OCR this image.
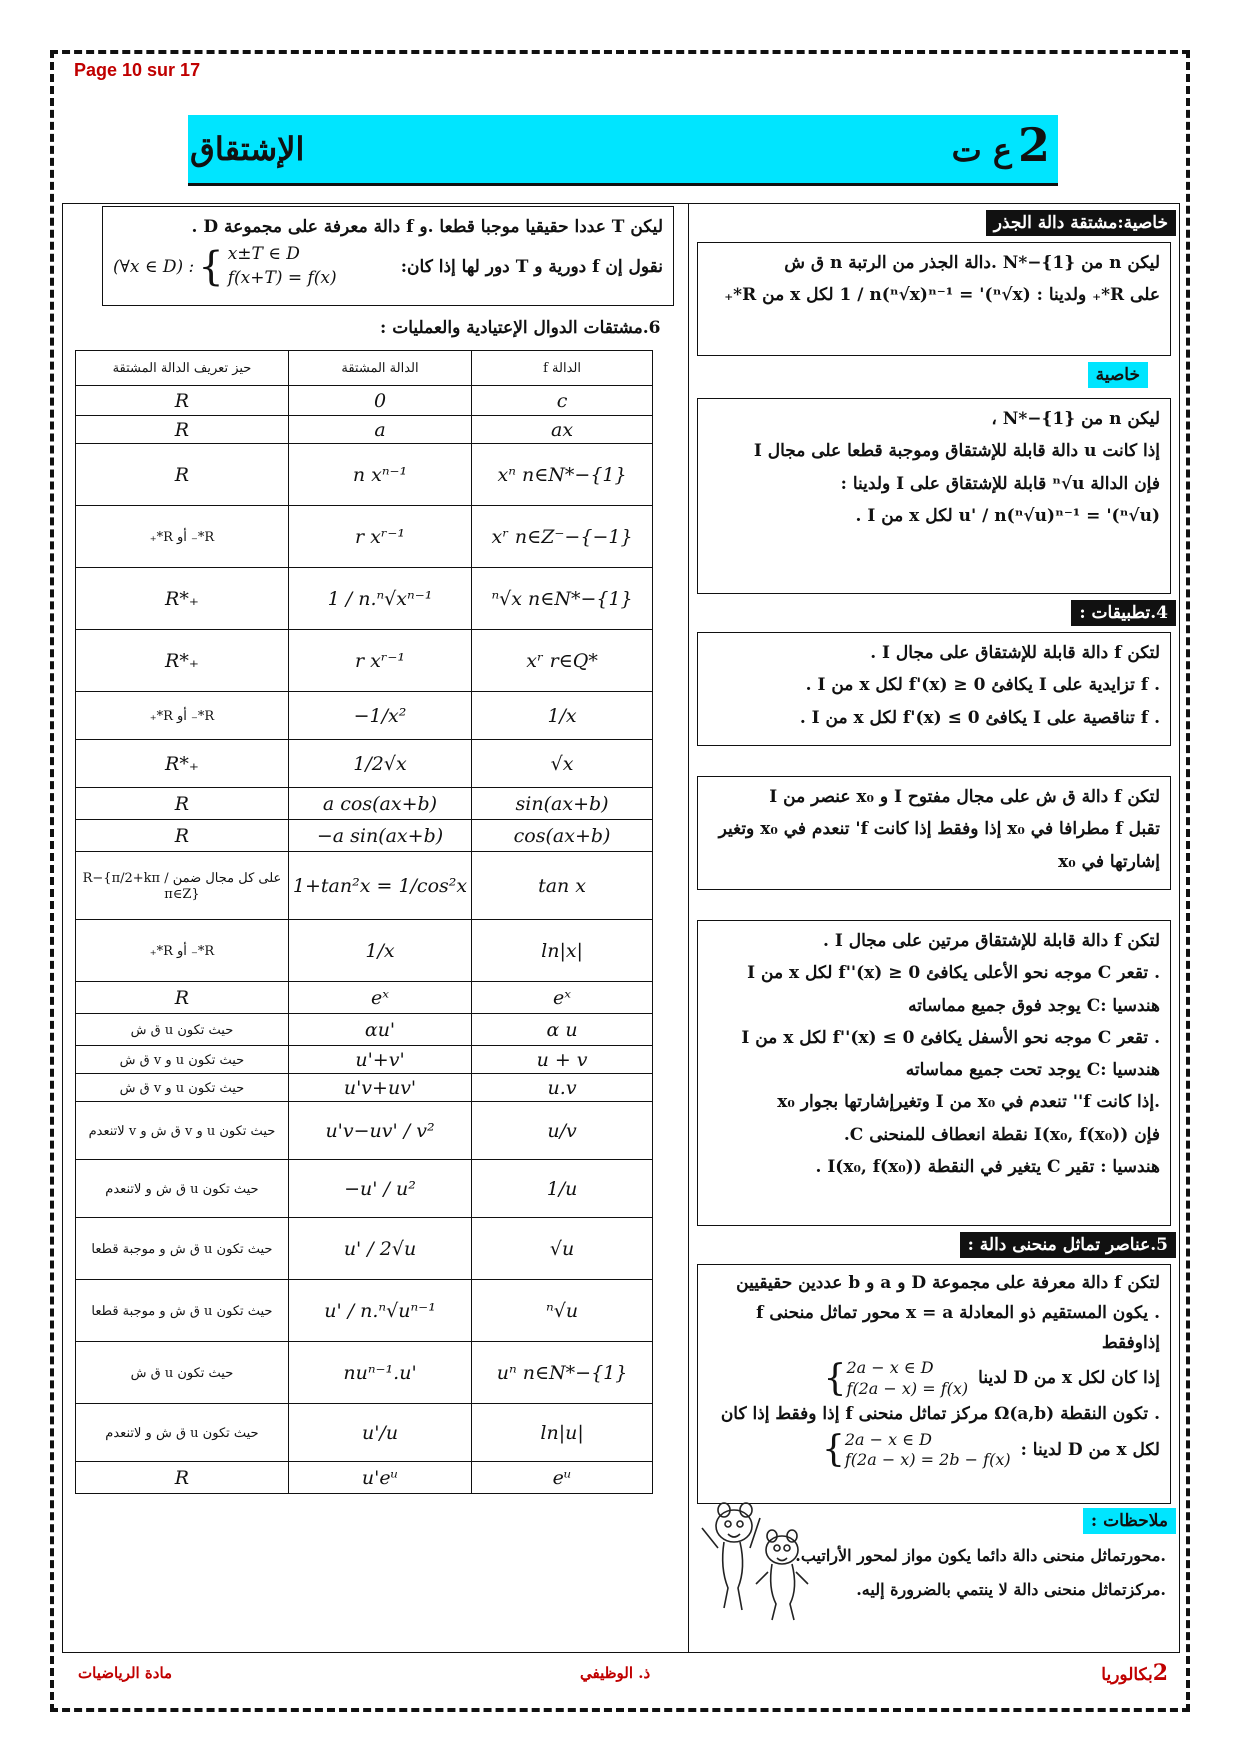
Page 10 sur 17
الإشتقاق	2ع ت
ليكن T عددا حقيقيا موجبا قطعا .و f دالة معرفة على مجموعة D .
نقول إن f دورية و T دور لها إذا كان:
(∀x ∈ D) : { x±T ∈ D
f(x+T) = f(x)
6.مشتقات الدوال الإعتيادية والعمليات :
الدالة f	الدالة المشتقة	حيز تعريف الدالة المشتقة
c	0	R
ax	a	R
xⁿ n∈N*−{1}	n xⁿ⁻¹	R
xʳ n∈Z⁻−{−1}	r xʳ⁻¹	R*₋ أو R*₊
ⁿ√x n∈N*−{1}	1 / n.ⁿ√xⁿ⁻¹	R*₊
xʳ r∈Q*	r xʳ⁻¹	R*₊
1/x	−1/x²	R*₋ أو R*₊
√x	1/2√x	R*₊
sin(ax+b)	a cos(ax+b)	R
cos(ax+b)	−a sin(ax+b)	R
tan x	1+tan²x = 1/cos²x	على كل مجال ضمن R−{π/2+kπ / π∈Z}
ln|x|	1/x	R*₋ أو R*₊
eˣ	eˣ	R
α u	αu'	حيث تكون u ق ش
u + v	u'+v'	حيث تكون u و v ق ش
u.v	u'v+uv'	حيث تكون u و v ق ش
u/v	u'v−uv' / v²	حيث تكون u و v ق ش و v لاتنعدم
1/u	−u' / u²	حيث تكون u ق ش و لاتنعدم
√u	u' / 2√u	حيث تكون u ق ش و موجبة قطعا
ⁿ√u	u' / n.ⁿ√uⁿ⁻¹	حيث تكون u ق ش و موجبة قطعا
uⁿ n∈N*−{1}	nuⁿ⁻¹.u'	حيث تكون u ق ش
ln|u|	u'/u	حيث تكون u ق ش و لاتنعدم
eᵘ	u'eᵘ	R
خاصية:مشتقة دالة الجذر
ليكن n من N*−{1} .دالة الجذر من الرتبة n ق ش
على R*₊ ولدينا : (ⁿ√x)' = 1 / n(ⁿ√x)ⁿ⁻¹ لكل x من R*₊
خاصية
ليكن n من N*−{1} ،
إذا كانت u دالة قابلة للإشتقاق وموجبة قطعا على مجال I
فإن الدالة ⁿ√u قابلة للإشتقاق على I ولدينا :
(ⁿ√u)' = u' / n(ⁿ√u)ⁿ⁻¹ لكل x من I .
4.تطبيقات :
لتكن f دالة قابلة للإشتقاق على مجال I .
. f تزايدية على I يكافئ f'(x) ≥ 0 لكل x من I .
. f تناقصية على I يكافئ f'(x) ≤ 0 لكل x من I .
لتكن f دالة ق ش على مجال مفتوح I و x₀ عنصر من I
تقبل f مطرافا في x₀ إذا وفقط إذا كانت f' تنعدم في x₀ وتغير
إشارتها في x₀
لتكن f دالة قابلة للإشتقاق مرتين على مجال I .
. تقعر C موجه نحو الأعلى يكافئ f''(x) ≥ 0 لكل x من I
هندسيا :C يوجد فوق جميع مماساته
. تقعر C موجه نحو الأسفل يكافئ f''(x) ≤ 0 لكل x من I
هندسيا :C يوجد تحت جميع مماساته
.إذا كانت f'' تنعدم في x₀ من I وتغيرإشارتها بجوار x₀
فإن I(x₀, f(x₀)) نقطة انعطاف للمنحنى C.
هندسيا : تقير C يتغير في النقطة I(x₀, f(x₀)) .
5.عناصر تماثل منحنى دالة :
لتكن f دالة معرفة على مجموعة D و a و b عددين حقيقيين
. يكون المستقيم ذو المعادلة x = a محور تماثل منحنى f إذاوفقط
إذا كان لكل x من D لدينا
{ 2a − x ∈ D
f(2a − x) = f(x)
. تكون النقطة Ω(a,b) مركز تماثل منحنى f إذا وفقط إذا كان
لكل x من D لدينا :
{ 2a − x ∈ D
f(2a − x) = 2b − f(x)
ملاحظات :
.محورتماثل منحنى دالة دائما يكون مواز لمحور الأراتيب.
.مركزتماثل منحنى دالة لا ينتمي بالضرورة إليه.
مادة الرياضيات	ذ. الوظيفي	2بكالوريا
